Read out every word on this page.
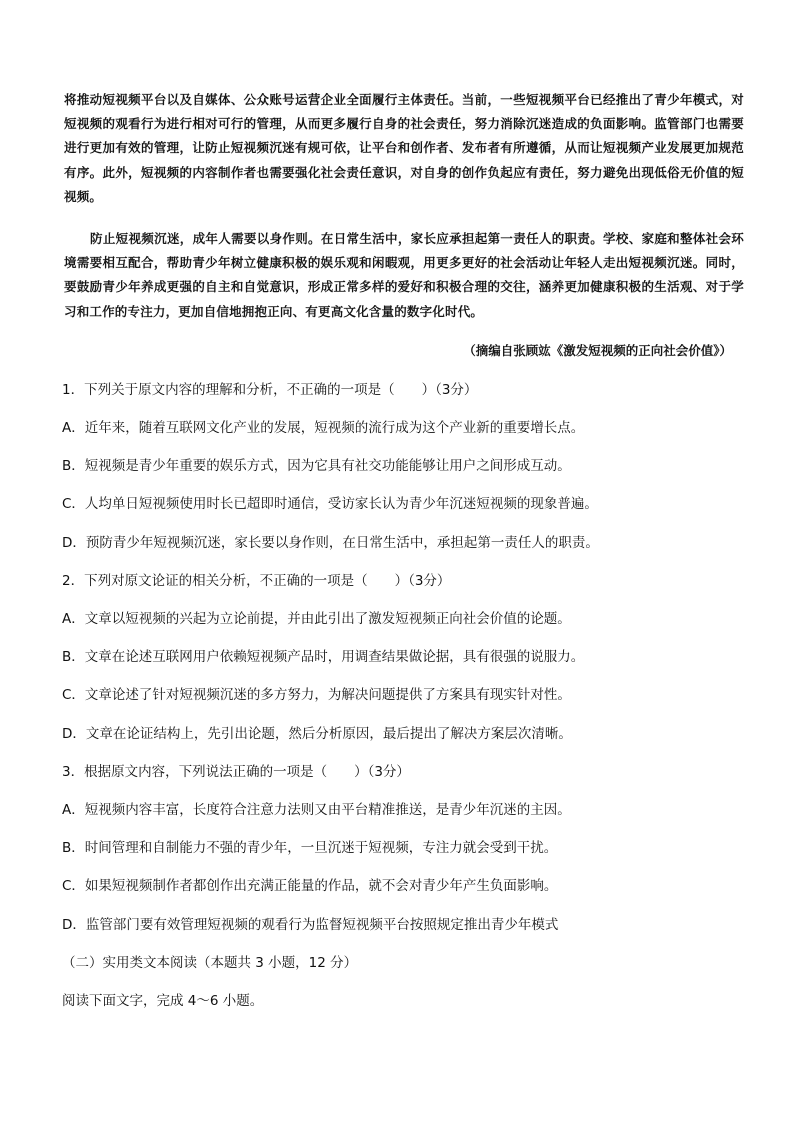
将推动短视频平台以及自媒体、公众账号运营企业全面履行主体责任。当前，一些短视频平台已经推出了青少年模式，对短视频的观看行为进行相对可行的管理，从而更多履行自身的社会责任，努力消除沉迷造成的负面影响。监管部门也需要进行更加有效的管理，让防止短视频沉迷有规可依，让平台和创作者、发布者有所遵循，从而让短视频产业发展更加规范有序。此外，短视频的内容制作者也需要强化社会责任意识，对自身的创作负起应有责任，努力避免出现低俗无价值的短视频。
防止短视频沉迷，成年人需要以身作则。在日常生活中，家长应承担起第一责任人的职责。学校、家庭和整体社会环境需要相互配合，帮助青少年树立健康积极的娱乐观和闲暇观，用更多更好的社会活动让年轻人走出短视频沉迷。同时，要鼓励青少年养成更强的自主和自觉意识，形成正常多样的爱好和积极合理的交往，涵养更加健康积极的生活观、对于学习和工作的专注力，更加自信地拥抱正向、有更高文化含量的数字化时代。
（摘编自张顾竑《激发短视频的正向社会价值》）
1．下列关于原文内容的理解和分析，不正确的一项是（　　）（3分）
A．近年来，随着互联网文化产业的发展，短视频的流行成为这个产业新的重要增长点。
B．短视频是青少年重要的娱乐方式，因为它具有社交功能能够让用户之间形成互动。
C．人均单日短视频使用时长已超即时通信，受访家长认为青少年沉迷短视频的现象普遍。
D．预防青少年短视频沉迷，家长要以身作则，在日常生活中，承担起第一责任人的职责。
2．下列对原文论证的相关分析，不正确的一项是（　　）（3分）
A．文章以短视频的兴起为立论前提，并由此引出了激发短视频正向社会价值的论题。
B．文章在论述互联网用户依赖短视频产品时，用调查结果做论据，具有很强的说服力。
C．文章论述了针对短视频沉迷的多方努力，为解决问题提供了方案具有现实针对性。
D．文章在论证结构上，先引出论题，然后分析原因，最后提出了解决方案层次清晰。
3．根据原文内容，下列说法正确的一项是（　　）（3分）
A．短视频内容丰富，长度符合注意力法则又由平台精准推送，是青少年沉迷的主因。
B．时间管理和自制能力不强的青少年，一旦沉迷于短视频，专注力就会受到干扰。
C．如果短视频制作者都创作出充满正能量的作品，就不会对青少年产生负面影响。
D．监管部门要有效管理短视频的观看行为监督短视频平台按照规定推出青少年模式
（二）实用类文本阅读（本题共 3 小题，12 分）
阅读下面文字，完成 4～6 小题。
